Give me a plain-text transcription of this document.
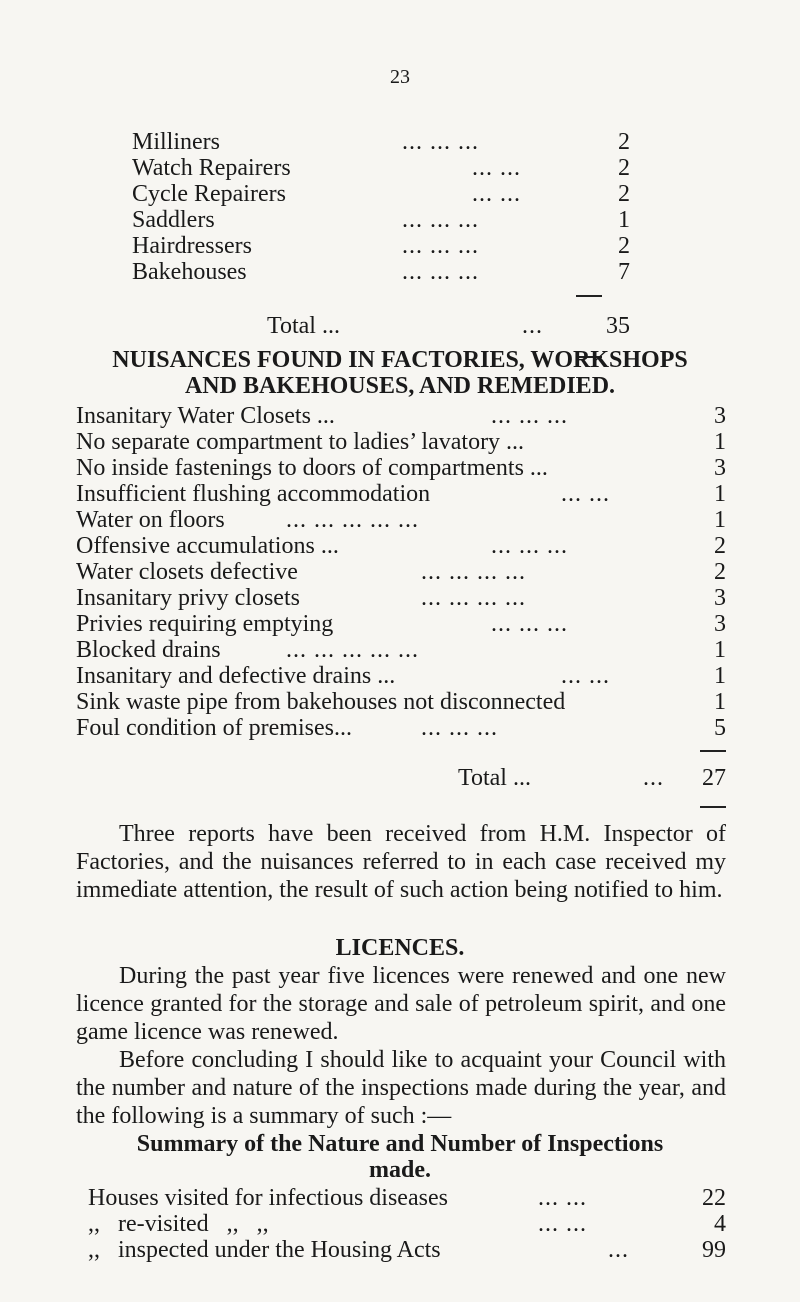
23
Milliners	... ... ...	2
Watch Repairers	... ...	2
Cycle Repairers	... ...	2
Saddlers	... ... ...	1
Hairdressers	... ... ...	2
Bakehouses	... ... ...	7
Total ...	...	35
NUISANCES FOUND IN FACTORIES, WORKSHOPS
AND BAKEHOUSES, AND REMEDIED.
Insanitary Water Closets ...	... ... ...	3
No separate compartment to ladies’ lavatory ...	1
No inside fastenings to doors of compartments ...	3
Insufficient flushing accommodation	... ...	1
Water on floors	... ... ... ... ...	1
Offensive accumulations ...	... ... ...	2
Water closets defective	... ... ... ...	2
Insanitary privy closets	... ... ... ...	3
Privies requiring emptying	... ... ...	3
Blocked drains	... ... ... ... ...	1
Insanitary and defective drains ...	... ...	1
Sink waste pipe from bakehouses not disconnected	1
Foul condition of premises...	... ... ...	5
Total ...	... 27
Three reports have been received from H.M. Inspector of Factories, and the nuisances referred to in each case received my immediate attention, the result of such action being notified to him.
LICENCES.
During the past year five licences were renewed and one new licence granted for the storage and sale of petroleum spirit, and one game licence was renewed.
Before concluding I should like to acquaint your Council with the number and nature of the inspections made during the year, and the following is a summary of such :—
Summary of the Nature and Number of Inspections
made.
Houses visited for infectious diseases	... ...	22
,,   re-visited   ,,   ,,	... ...	4
,,   inspected under the Housing Acts	...	99
